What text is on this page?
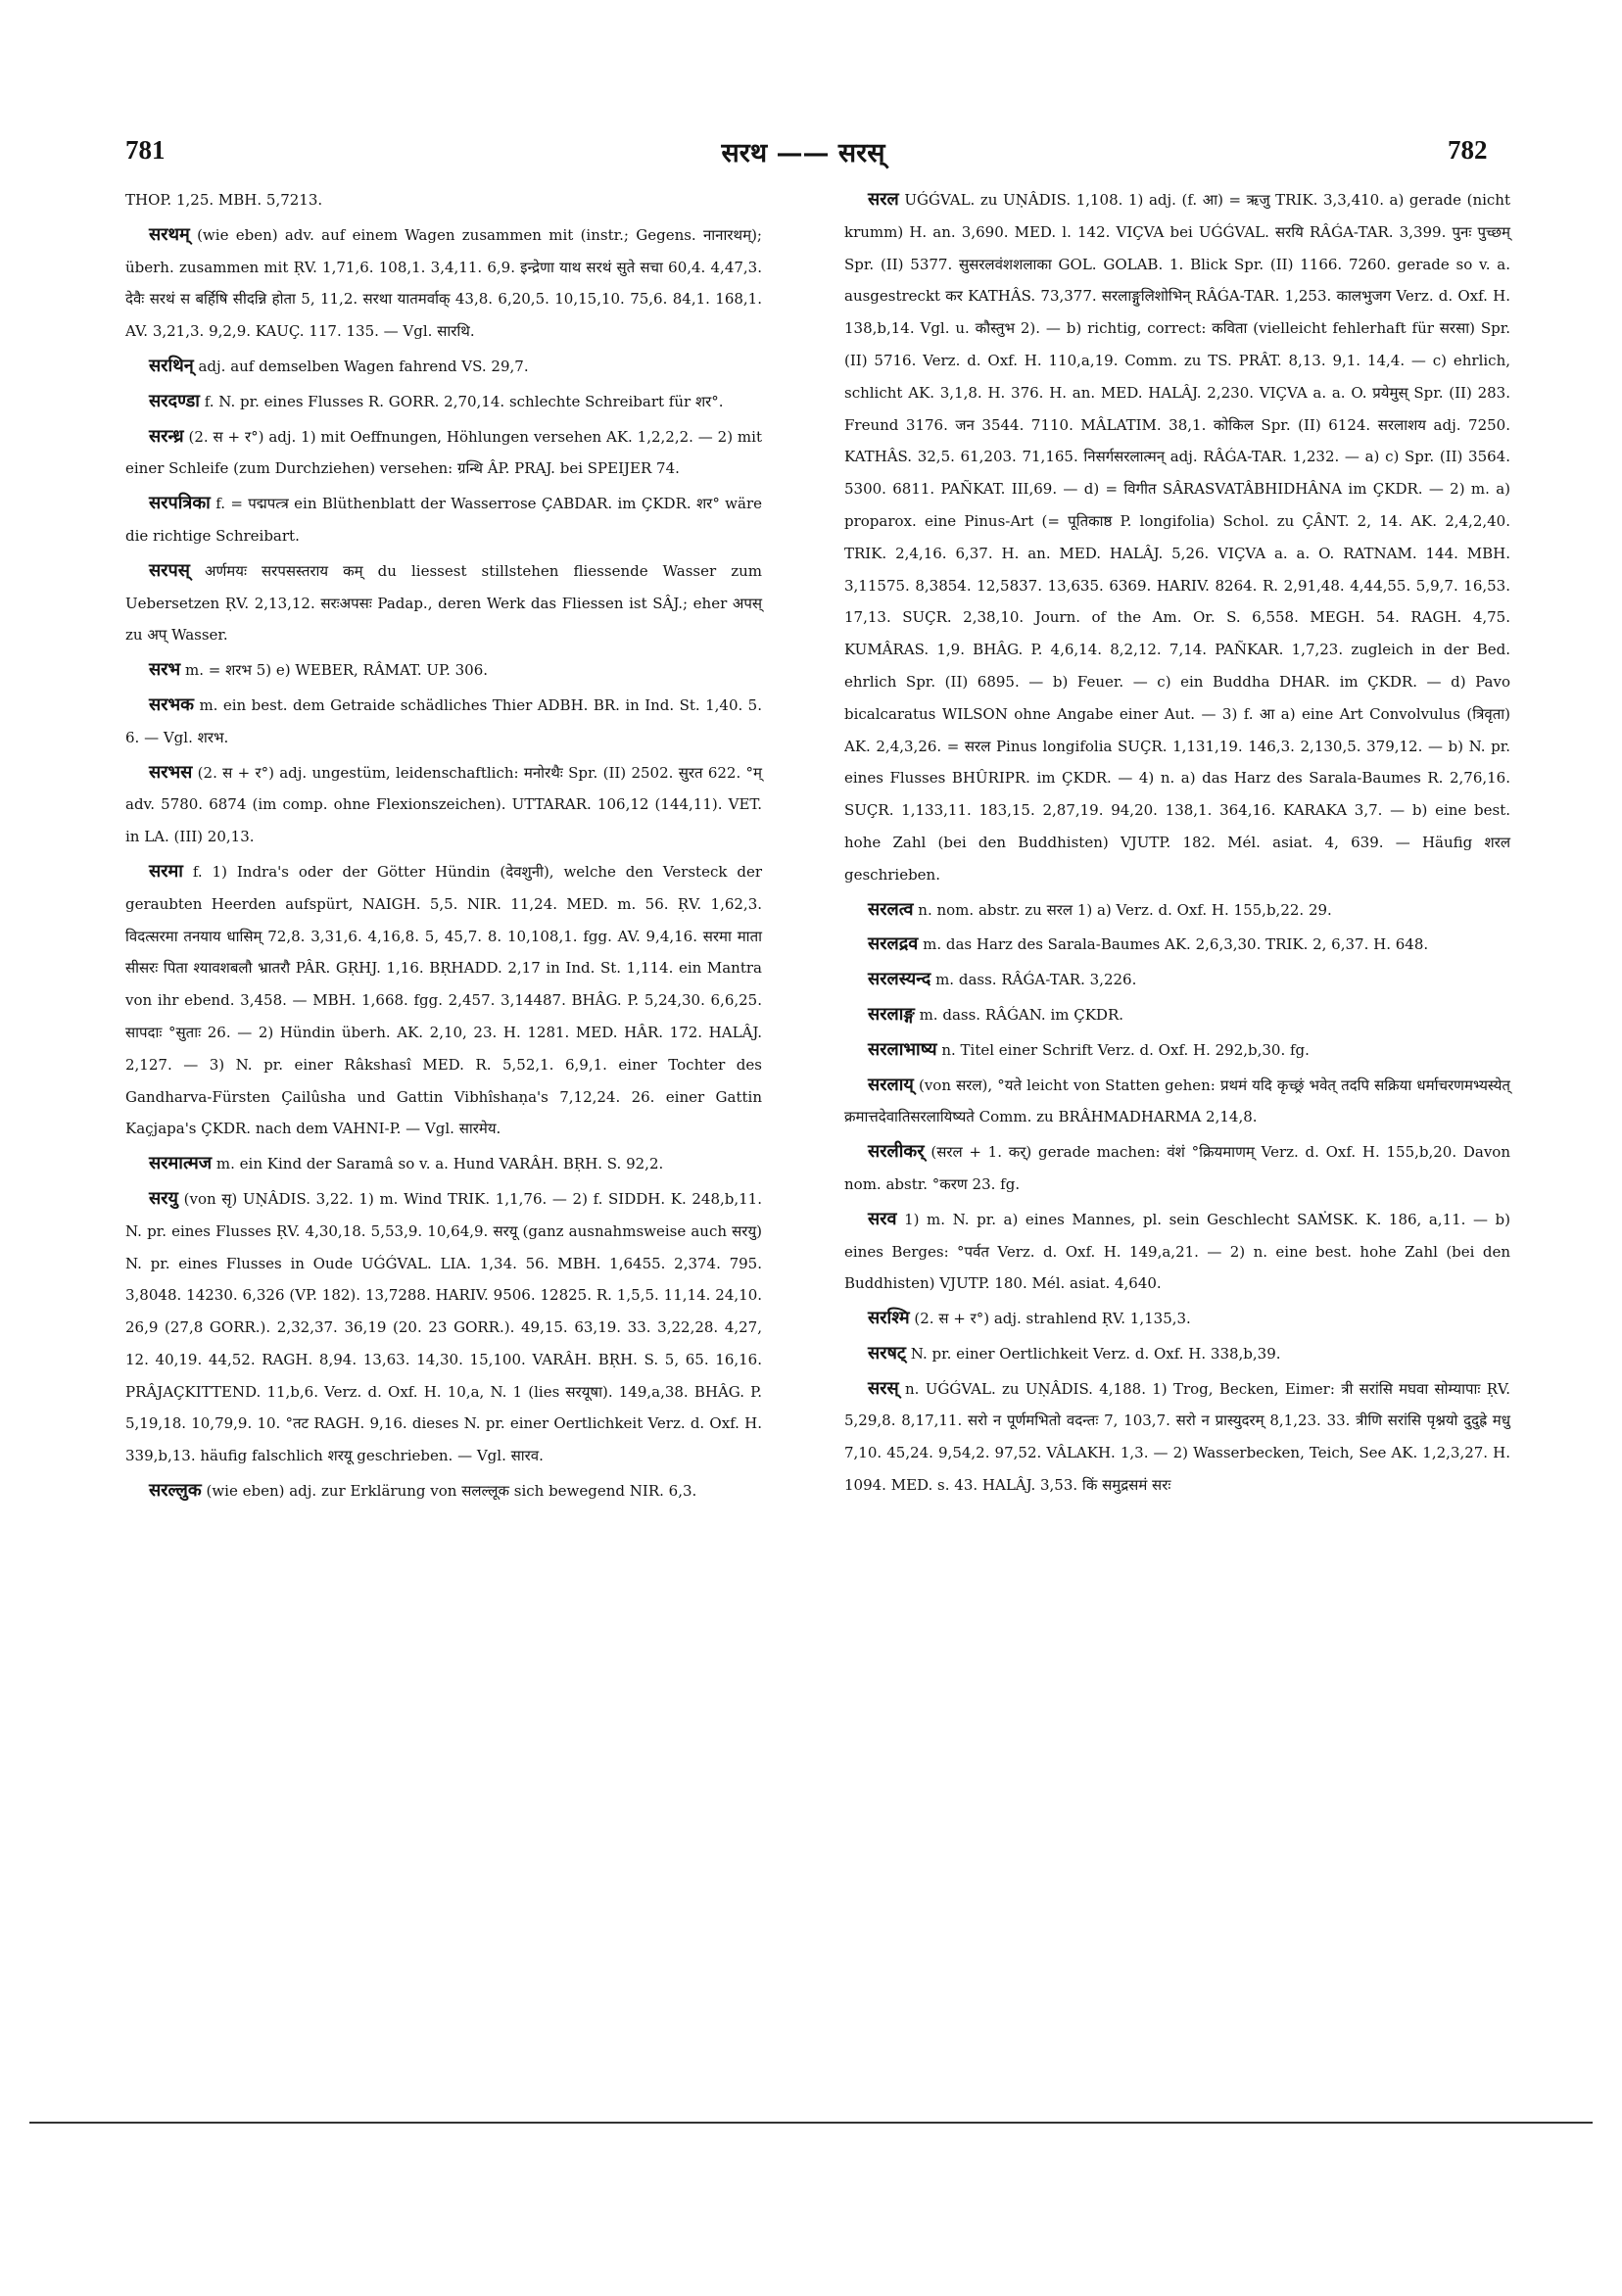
781	सरथ —— सरस्	782

THOP. 1,25. MBH. 5,7213.

सरथम् (wie eben) adv. auf einem Wagen zusammen mit (instr.; Gegens. नानारथम्); überh. zusammen mit ṚV. 1,71,6. 108,1. 3,4,11. 6,9. इन्द्रेणा याथ सरथं सुते सचा 60,4. 4,47,3. देवैः सरथं स बर्हिषि सीदन्नि होता 5, 11,2. सरथा यातमर्वाक् 43,8. 6,20,5. 10,15,10. 75,6. 84,1. 168,1. AV. 3,21,3. 9,2,9. KAUÇ. 117. 135. — Vgl. सारथि.

सरथिन् adj. auf demselben Wagen fahrend VS. 29,7.

सरदण्डा f. N. pr. eines Flusses R. GORR. 2,70,14. schlechte Schreibart für शर°.

सरन्ध्र (2. स + र°) adj. 1) mit Oeffnungen, Höhlungen versehen AK. 1,2,2,2. — 2) mit einer Schleife (zum Durchziehen) versehen: ग्रन्थि ÂP. PRAJ. bei SPEIJER 74.

सरपत्रिका f. = पद्मपत्त्र ein Blüthenblatt der Wasserrose ÇABDAR. im ÇKDR. शर° wäre die richtige Schreibart.

सरपस् अर्णमयः सरपसस्तराय कम् du liessest stillstehen fliessende Wasser zum Uebersetzen ṚV. 2,13,12. सरःअपसः Padap., deren Werk das Fliessen ist SÂJ.; eher अपस् zu अप् Wasser.

सरभ m. = शरभ 5) e) WEBER, RÂMAT. UP. 306.

सरभक m. ein best. dem Getraide schädliches Thier ADBH. BR. in Ind. St. 1,40. 5. 6. — Vgl. शरभ.

सरभस (2. स + र°) adj. ungestüm, leidenschaftlich: मनोरथैः Spr. (II) 2502. सुरत 622. °म् adv. 5780. 6874 (im comp. ohne Flexionszeichen). UTTARAR. 106,12 (144,11). VET. in LA. (III) 20,13.

सरमा f. 1) Indra's oder der Götter Hündin (देवशुनी), welche den Versteck der geraubten Heerden aufspürt, NAIGH. 5,5. NIR. 11,24. MED. m. 56. ṚV. 1,62,3. विदत्सरमा तनयाय धासिम् 72,8. 3,31,6. 4,16,8. 5, 45,7. 8. 10,108,1. fgg. AV. 9,4,16. सरमा माता सीसरः पिता श्यावशबलौ भ्रातरौ PÂR. GṚHJ. 1,16. BṚHADD. 2,17 in Ind. St. 1,114. ein Mantra von ihr ebend. 3,458. — MBH. 1,668. fgg. 2,457. 3,14487. BHÂG. P. 5,24,30. 6,6,25. सापदाः °सुताः 26. — 2) Hündin überh. AK. 2,10, 23. H. 1281. MED. HÂR. 172. HALÂJ. 2,127. — 3) N. pr. einer Râkshasî MED. R. 5,52,1. 6,9,1. einer Tochter des Gandharva-Fürsten Çailûsha und Gattin Vibhîshaṇa's 7,12,24. 26. einer Gattin Kaçjapa's ÇKDR. nach dem VAHNI-P. — Vgl. सारमेय.

सरमात्मज m. ein Kind der Saramâ so v. a. Hund VARÂH. BṚH. S. 92,2.

सरयु (von सृ) UṆÂDIS. 3,22. 1) m. Wind TRIK. 1,1,76. — 2) f. SIDDH. K. 248,b,11. N. pr. eines Flusses ṚV. 4,30,18. 5,53,9. 10,64,9. सरयू (ganz ausnahmsweise auch सरयु) N. pr. eines Flusses in Oude UǴǴVAL. LIA. 1,34. 56. MBH. 1,6455. 2,374. 795. 3,8048. 14230. 6,326 (VP. 182). 13,7288. HARIV. 9506. 12825. R. 1,5,5. 11,14. 24,10. 26,9 (27,8 GORR.). 2,32,37. 36,19 (20. 23 GORR.). 49,15. 63,19. 33. 3,22,28. 4,27, 12. 40,19. 44,52. RAGH. 8,94. 13,63. 14,30. 15,100. VARÂH. BṚH. S. 5, 65. 16,16. PRÂJAÇKITTEND. 11,b,6. Verz. d. Oxf. H. 10,a, N. 1 (lies सरयूषा). 149,a,38. BHÂG. P. 5,19,18. 10,79,9. 10. °तट RAGH. 9,16. dieses N. pr. einer Oertlichkeit Verz. d. Oxf. H. 339,b,13. häufig falschlich शरयू geschrieben. — Vgl. सारव.

सरल्लुक (wie eben) adj. zur Erklärung von सलल्लूक sich bewegend NIR. 6,3.

सरल UǴǴVAL. zu UṆÂDIS. 1,108. 1) adj. (f. आ) = ऋजु TRIK. 3,3,410. a) gerade (nicht krumm) H. an. 3,690. MED. l. 142. VIÇVA bei UǴǴVAL. सरयि RÂǴA-TAR. 3,399. पुनः पुच्छम् Spr. (II) 5377. सुसरलवंशशलाका GOL. GOLAB. 1. Blick Spr. (II) 1166. 7260. gerade so v. a. ausgestreckt कर KATHÂS. 73,377. सरलाङ्गुलिशोभिन् RÂǴA-TAR. 1,253. कालभुजग Verz. d. Oxf. H. 138,b,14. Vgl. u. कौस्तुभ 2). — b) richtig, correct: कविता (vielleicht fehlerhaft für सरसा) Spr. (II) 5716. Verz. d. Oxf. H. 110,a,19. Comm. zu TS. PRÂT. 8,13. 9,1. 14,4. — c) ehrlich, schlicht AK. 3,1,8. H. 376. H. an. MED. HALÂJ. 2,230. VIÇVA a. a. O. प्रयेमुस् Spr. (II) 283. Freund 3176. जन 3544. 7110. MÂLATIM. 38,1. कोकिल Spr. (II) 6124. सरलाशय adj. 7250. KATHÂS. 32,5. 61,203. 71,165. निसर्गसरलात्मन् adj. RÂǴA-TAR. 1,232. — a) c) Spr. (II) 3564. 5300. 6811. PAÑKAT. III,69. — d) = विगीत SÂRASVATÂBHIDHÂNA im ÇKDR. — 2) m. a) proparox. eine Pinus-Art (= पूतिकाष्ठ P. longifolia) Schol. zu ÇÂNT. 2, 14. AK. 2,4,2,40. TRIK. 2,4,16. 6,37. H. an. MED. HALÂJ. 5,26. VIÇVA a. a. O. RATNAM. 144. MBH. 3,11575. 8,3854. 12,5837. 13,635. 6369. HARIV. 8264. R. 2,91,48. 4,44,55. 5,9,7. 16,53. 17,13. SUÇR. 2,38,10. Journ. of the Am. Or. S. 6,558. MEGH. 54. RAGH. 4,75. KUMÂRAS. 1,9. BHÂG. P. 4,6,14. 8,2,12. 7,14. PAÑKAR. 1,7,23. zugleich in der Bed. ehrlich Spr. (II) 6895. — b) Feuer. — c) ein Buddha DHAR. im ÇKDR. — d) Pavo bicalcaratus WILSON ohne Angabe einer Aut. — 3) f. आ a) eine Art Convolvulus (त्रिवृता) AK. 2,4,3,26. = सरल Pinus longifolia SUÇR. 1,131,19. 146,3. 2,130,5. 379,12. — b) N. pr. eines Flusses BHÛRIPR. im ÇKDR. — 4) n. a) das Harz des Sarala-Baumes R. 2,76,16. SUÇR. 1,133,11. 183,15. 2,87,19. 94,20. 138,1. 364,16. KARAKA 3,7. — b) eine best. hohe Zahl (bei den Buddhisten) VJUTP. 182. Mél. asiat. 4, 639. — Häufig शरल geschrieben.

सरलत्व n. nom. abstr. zu सरल 1) a) Verz. d. Oxf. H. 155,b,22. 29.

सरलद्रव m. das Harz des Sarala-Baumes AK. 2,6,3,30. TRIK. 2, 6,37. H. 648.

सरलस्यन्द m. dass. RÂǴA-TAR. 3,226.

सरलाङ्ग m. dass. RÂǴAN. im ÇKDR.

सरलाभाष्य n. Titel einer Schrift Verz. d. Oxf. H. 292,b,30. fg.

सरलाय् (von सरल), °यते leicht von Statten gehen: प्रथमं यदि कृच्छ्रं भवेत् तदपि सक्रिया धर्माचरणमभ्यस्येत् क्रमात्तदेवातिसरलायिष्यते Comm. zu BRÂHMADHARMA 2,14,8.

सरलीकर् (सरल + 1. कर्) gerade machen: वंशं °क्रियमाणम् Verz. d. Oxf. H. 155,b,20. Davon nom. abstr. °करण 23. fg.

सरव 1) m. N. pr. a) eines Mannes, pl. sein Geschlecht SAṀSK. K. 186, a,11. — b) eines Berges: °पर्वत Verz. d. Oxf. H. 149,a,21. — 2) n. eine best. hohe Zahl (bei den Buddhisten) VJUTP. 180. Mél. asiat. 4,640.

सरश्मि (2. स + र°) adj. strahlend ṚV. 1,135,3.

सरषट् N. pr. einer Oertlichkeit Verz. d. Oxf. H. 338,b,39.

सरस् n. UǴǴVAL. zu UṆÂDIS. 4,188. 1) Trog, Becken, Eimer: त्री सरांसि मघवा सोम्यापाः ṚV. 5,29,8. 8,17,11. सरो न पूर्णमभितो वदन्तः 7, 103,7. सरो न प्रास्युदरम् 8,1,23. 33. त्रीणि सरांसि पृश्नयो दुदुह्रे मधु 7,10. 45,24. 9,54,2. 97,52. VÂLAKH. 1,3. — 2) Wasserbecken, Teich, See AK. 1,2,3,27. H. 1094. MED. s. 43. HALÂJ. 3,53. किं समुद्रसमं सरः
